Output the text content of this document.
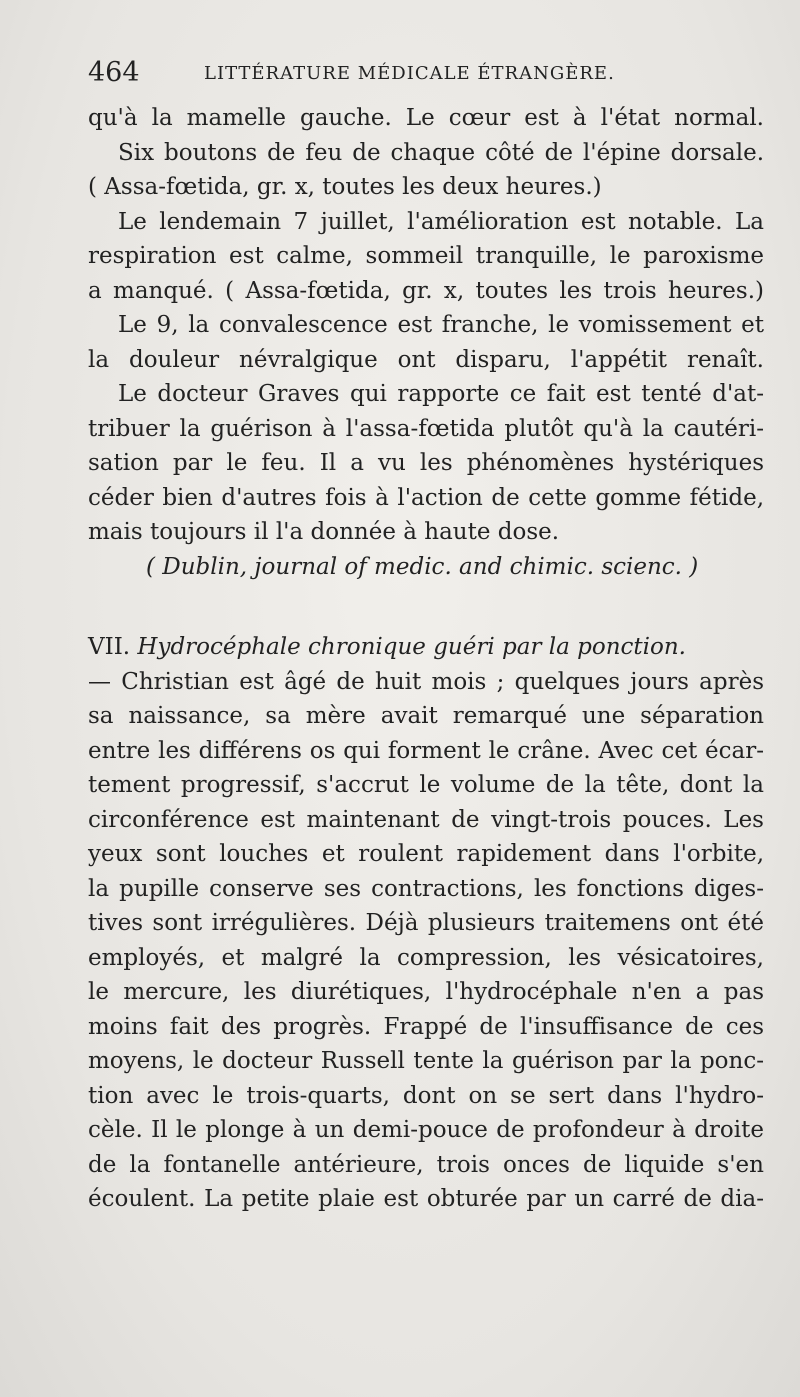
464	LITTÉRATURE MÉDICALE ÉTRANGÈRE.
qu'à la mamelle gauche. Le cœur est à l'état normal.
Six boutons de feu de chaque côté de l'épine dorsale.
( Assa-fœtida, gr. x, toutes les deux heures.)
Le lendemain 7 juillet, l'amélioration est notable. La
respiration est calme, sommeil tranquille, le paroxisme
a manqué. ( Assa-fœtida, gr. x, toutes les trois heures.)
Le 9, la convalescence est franche, le vomissement et
la douleur névralgique ont disparu, l'appétit renaît.
Le docteur Graves qui rapporte ce fait est tenté d'at-
tribuer la guérison à l'assa-fœtida plutôt qu'à la cautéri-
sation par le feu. Il a vu les phénomènes hystériques
céder bien d'autres fois à l'action de cette gomme fétide,
mais toujours il l'a donnée à haute dose.
( Dublin, journal of medic. and chimic. scienc. )
VII. Hydrocéphale chronique guéri par la ponction.
— Christian est âgé de huit mois ; quelques jours après
sa naissance, sa mère avait remarqué une séparation
entre les différens os qui forment le crâne. Avec cet écar-
tement progressif, s'accrut le volume de la tête, dont la
circonférence est maintenant de vingt-trois pouces. Les
yeux sont louches et roulent rapidement dans l'orbite,
la pupille conserve ses contractions, les fonctions diges-
tives sont irrégulières. Déjà plusieurs traitemens ont été
employés, et malgré la compression, les vésicatoires,
le mercure, les diurétiques, l'hydrocéphale n'en a pas
moins fait des progrès. Frappé de l'insuffisance de ces
moyens, le docteur Russell tente la guérison par la ponc-
tion avec le trois-quarts, dont on se sert dans l'hydro-
cèle. Il le plonge à un demi-pouce de profondeur à droite
de la fontanelle antérieure, trois onces de liquide s'en
écoulent. La petite plaie est obturée par un carré de dia-
